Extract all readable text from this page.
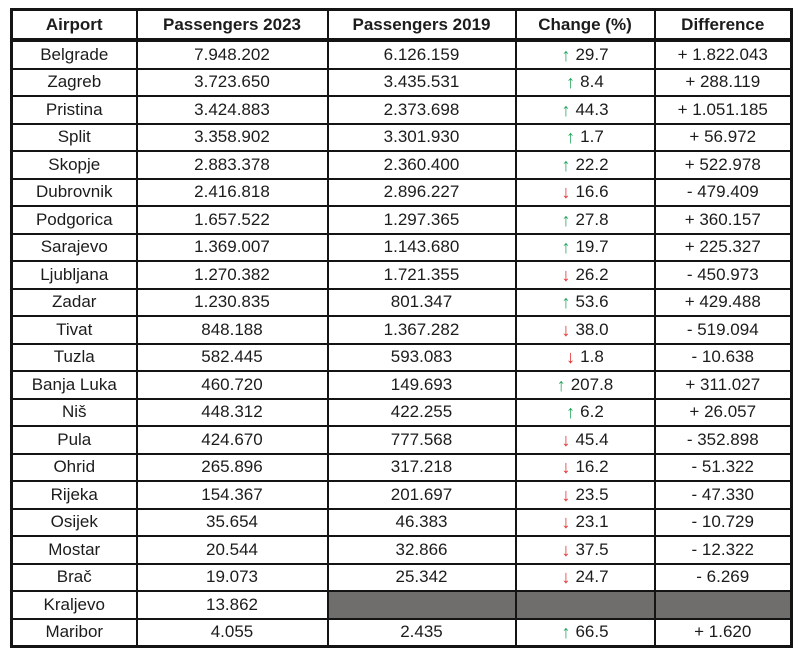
Airport	Passengers 2023	Passengers 2019	Change (%)	Difference
Belgrade	7.948.202	6.126.159	↑ 29.7	+ 1.822.043
Zagreb	3.723.650	3.435.531	↑ 8.4	+ 288.119
Pristina	3.424.883	2.373.698	↑ 44.3	+ 1.051.185
Split	3.358.902	3.301.930	↑ 1.7	+ 56.972
Skopje	2.883.378	2.360.400	↑ 22.2	+ 522.978
Dubrovnik	2.416.818	2.896.227	↓ 16.6	- 479.409
Podgorica	1.657.522	1.297.365	↑ 27.8	+ 360.157
Sarajevo	1.369.007	1.143.680	↑ 19.7	+ 225.327
Ljubljana	1.270.382	1.721.355	↓ 26.2	- 450.973
Zadar	1.230.835	801.347	↑ 53.6	+ 429.488
Tivat	848.188	1.367.282	↓ 38.0	- 519.094
Tuzla	582.445	593.083	↓ 1.8	- 10.638
Banja Luka	460.720	149.693	↑ 207.8	+ 311.027
Niš	448.312	422.255	↑ 6.2	+ 26.057
Pula	424.670	777.568	↓ 45.4	- 352.898
Ohrid	265.896	317.218	↓ 16.2	- 51.322
Rijeka	154.367	201.697	↓ 23.5	- 47.330
Osijek	35.654	46.383	↓ 23.1	- 10.729
Mostar	20.544	32.866	↓ 37.5	- 12.322
Brač	19.073	25.342	↓ 24.7	- 6.269
Kraljevo	13.862			
Maribor	4.055	2.435	↑ 66.5	+ 1.620
